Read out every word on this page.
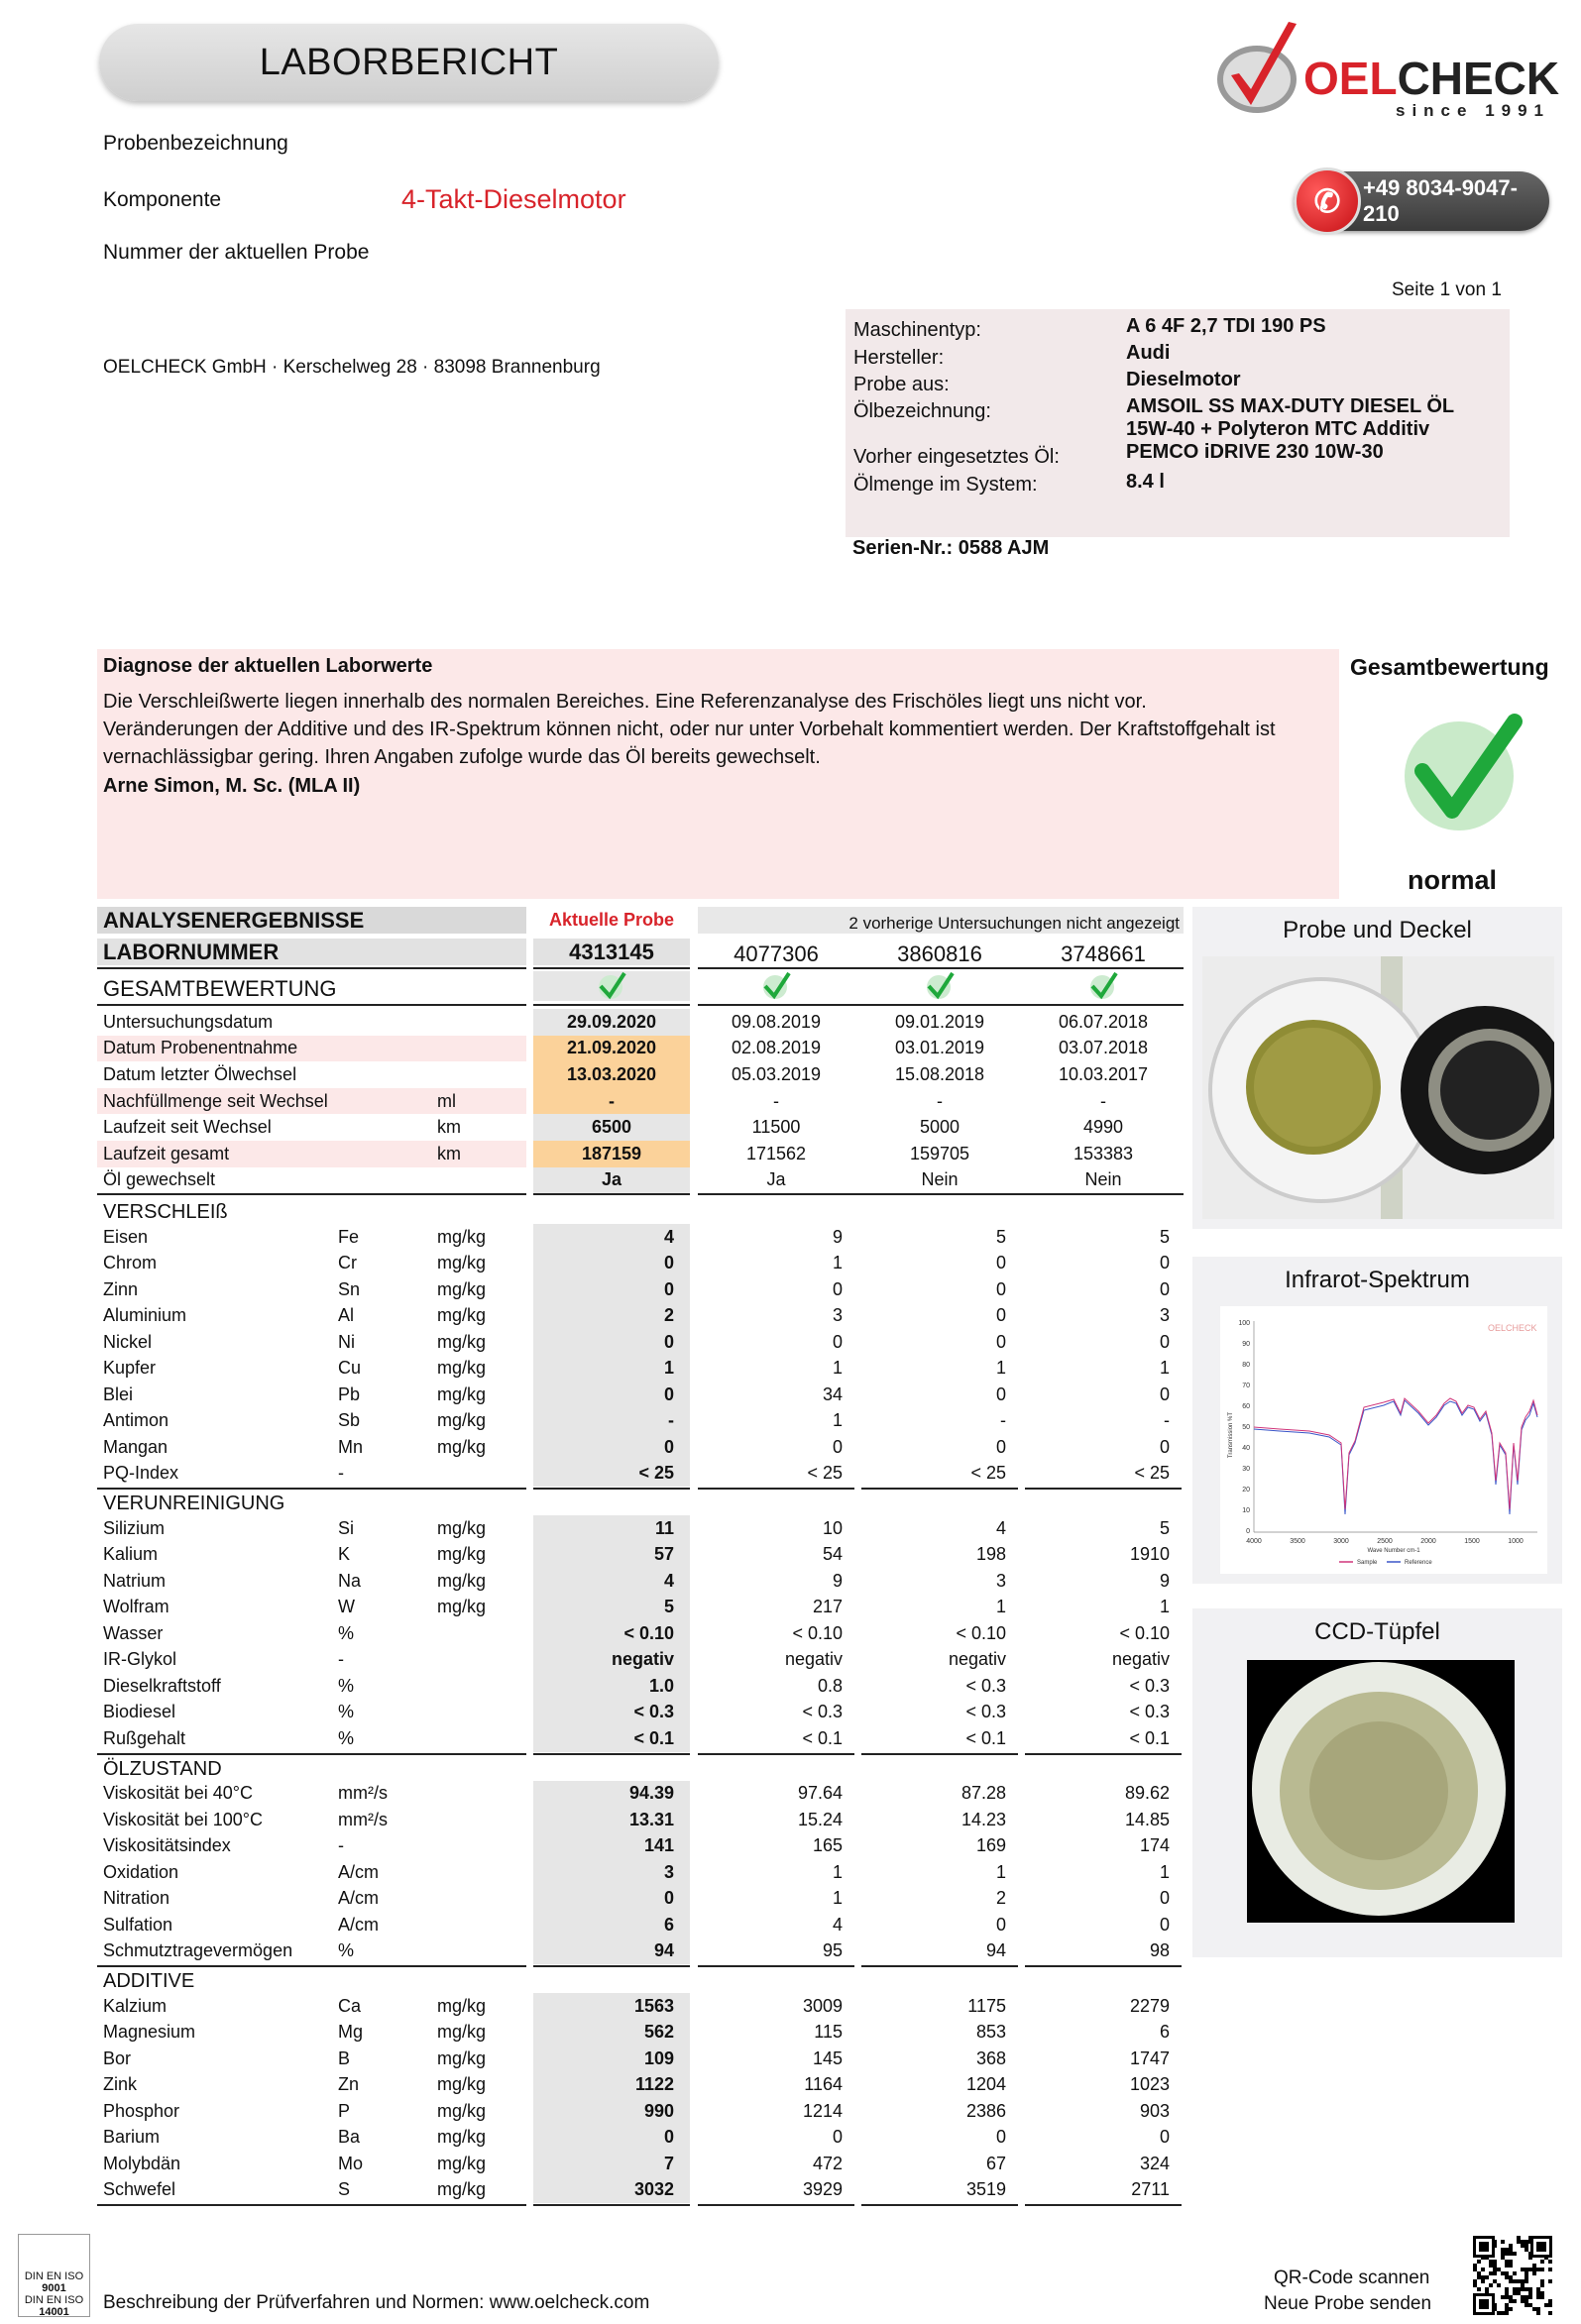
LABORBERICHT	OELCHECK
since 1991
✆	+49 8034-9047-210
Probenbezeichnung
Komponente	4-Takt-Dieselmotor
Nummer der aktuellen Probe
OELCHECK GmbH · Kerschelweg 28 · 83098 Brannenburg
Seite 1 von 1
Maschinentyp:	A 6 4F 2,7 TDI 190 PS
Hersteller:	Audi
Probe aus:	Dieselmotor
Ölbezeichnung:	AMSOIL SS MAX-DUTY DIESEL ÖL
15W-40 + Polyteron MTC Additiv
Vorher eingesetztes Öl:	PEMCO iDRIVE 230 10W-30
Ölmenge im System:	8.4 l
Serien-Nr.: 0588 AJM
Diagnose der aktuellen Laborwerte
Die Verschleißwerte liegen innerhalb des normalen Bereiches. Eine Referenzanalyse des Frischöles liegt uns nicht vor.
Veränderungen der Additive und des IR-Spektrum können nicht, oder nur unter Vorbehalt kommentiert werden. Der Kraftstoffgehalt ist
vernachlässigbar gering. Ihren Angaben zufolge wurde das Öl bereits gewechselt.
Arne Simon, M. Sc. (MLA II)
Gesamtbewertung
normal
ANALYSENERGEBNISSE	Aktuelle Probe	2 vorherige Untersuchungen nicht angezeigt
LABORNUMMER	4313145	4077306	3860816	3748661
GESAMTBEWERTUNG
Untersuchungsdatum	29.09.2020	09.08.2019	09.01.2019	06.07.2018
Datum Probenentnahme	21.09.2020	02.08.2019	03.01.2019	03.07.2018
Datum letzter Ölwechsel	13.03.2020	05.03.2019	15.08.2018	10.03.2017
Nachfüllmenge seit Wechsel	ml	-	-	-	-
Laufzeit seit Wechsel	km	6500	11500	5000	4990
Laufzeit gesamt	km	187159	171562	159705	153383
Öl gewechselt	Ja	Ja	Nein	Nein
VERSCHLEIß
Eisen	Fe	mg/kg	4	9	5	5
Chrom	Cr	mg/kg	0	1	0	0
Zinn	Sn	mg/kg	0	0	0	0
Aluminium	Al	mg/kg	2	3	0	3
Nickel	Ni	mg/kg	0	0	0	0
Kupfer	Cu	mg/kg	1	1	1	1
Blei	Pb	mg/kg	0	34	0	0
Antimon	Sb	mg/kg	-	1	-	-
Mangan	Mn	mg/kg	0	0	0	0
PQ-Index	-	< 25	< 25	< 25	< 25
VERUNREINIGUNG
Silizium	Si	mg/kg	11	10	4	5
Kalium	K	mg/kg	57	54	198	1910
Natrium	Na	mg/kg	4	9	3	9
Wolfram	W	mg/kg	5	217	1	1
Wasser	%	< 0.10	< 0.10	< 0.10	< 0.10
IR-Glykol	-	negativ	negativ	negativ	negativ
Dieselkraftstoff	%	1.0	0.8	< 0.3	< 0.3
Biodiesel	%	< 0.3	< 0.3	< 0.3	< 0.3
Rußgehalt	%	< 0.1	< 0.1	< 0.1	< 0.1
ÖLZUSTAND
Viskosität bei 40°C	mm²/s	94.39	97.64	87.28	89.62
Viskosität bei 100°C	mm²/s	13.31	15.24	14.23	14.85
Viskositätsindex	-	141	165	169	174
Oxidation	A/cm	3	1	1	1
Nitration	A/cm	0	1	2	0
Sulfation	A/cm	6	4	0	0
Schmutztragevermögen	%	94	95	94	98
ADDITIVE
Kalzium	Ca	mg/kg	1563	3009	1175	2279
Magnesium	Mg	mg/kg	562	115	853	6
Bor	B	mg/kg	109	145	368	1747
Zink	Zn	mg/kg	1122	1164	1204	1023
Phosphor	P	mg/kg	990	1214	2386	903
Barium	Ba	mg/kg	0	0	0	0
Molybdän	Mo	mg/kg	7	472	67	324
Schwefel	S	mg/kg	3032	3929	3519	2711
Probe und Deckel
Infrarot-Spektrum
OELCHECK
100
90
80
70
60
50
40
30
20
10
0
4000	3500	3000	2500	2000	1500	1000
Transmission %T
Wave Number cm-1
Sample	Reference
CCD-Tüpfel
DIN EN ISO
9001
DIN EN ISO
14001	Beschreibung der Prüfverfahren und Normen: www.oelcheck.com
QR-Code scannen
Neue Probe senden
